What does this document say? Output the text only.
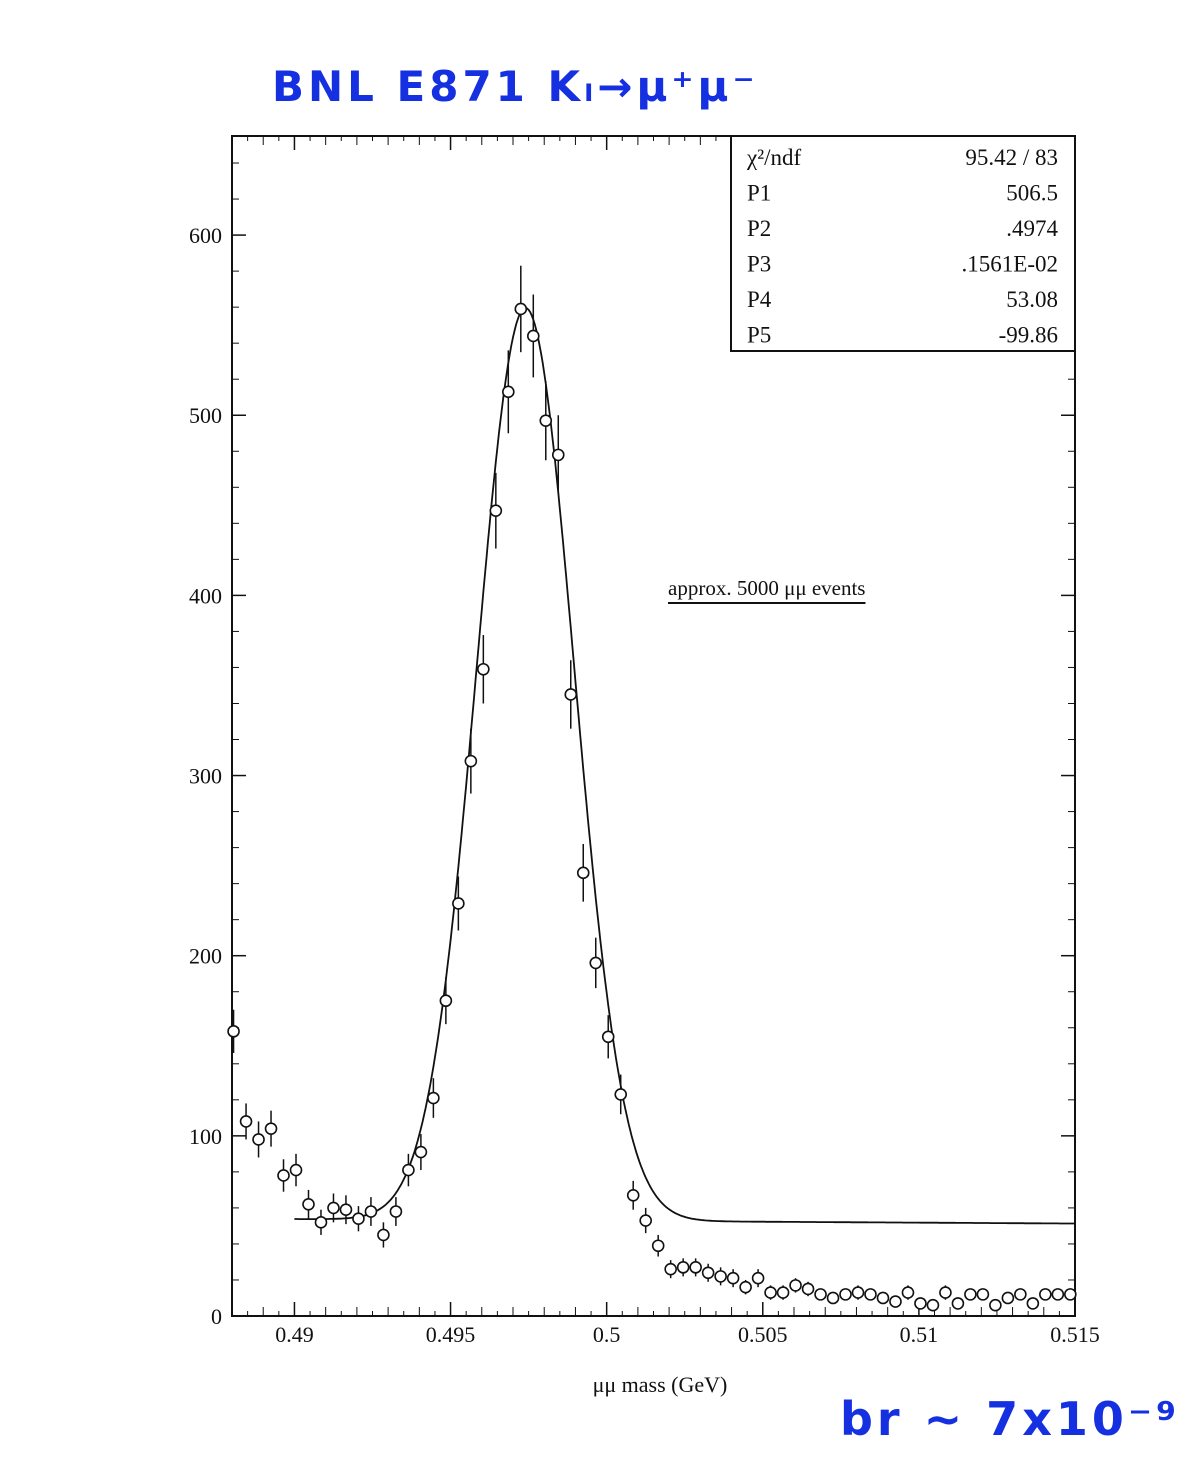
BNL E871 Kₗ→μ⁺μ⁻
br ~ 7x10⁻⁹
0
100
200
300
400
500
600
0.49	0.495	0.5	0.505	0.51	0.515
χ²/ndf	95.42 / 83
P1	506.5
P2	.4974
P3	.1561E-02
P4	53.08
P5	-99.86
approx. 5000 μμ events
μμ mass (GeV)
